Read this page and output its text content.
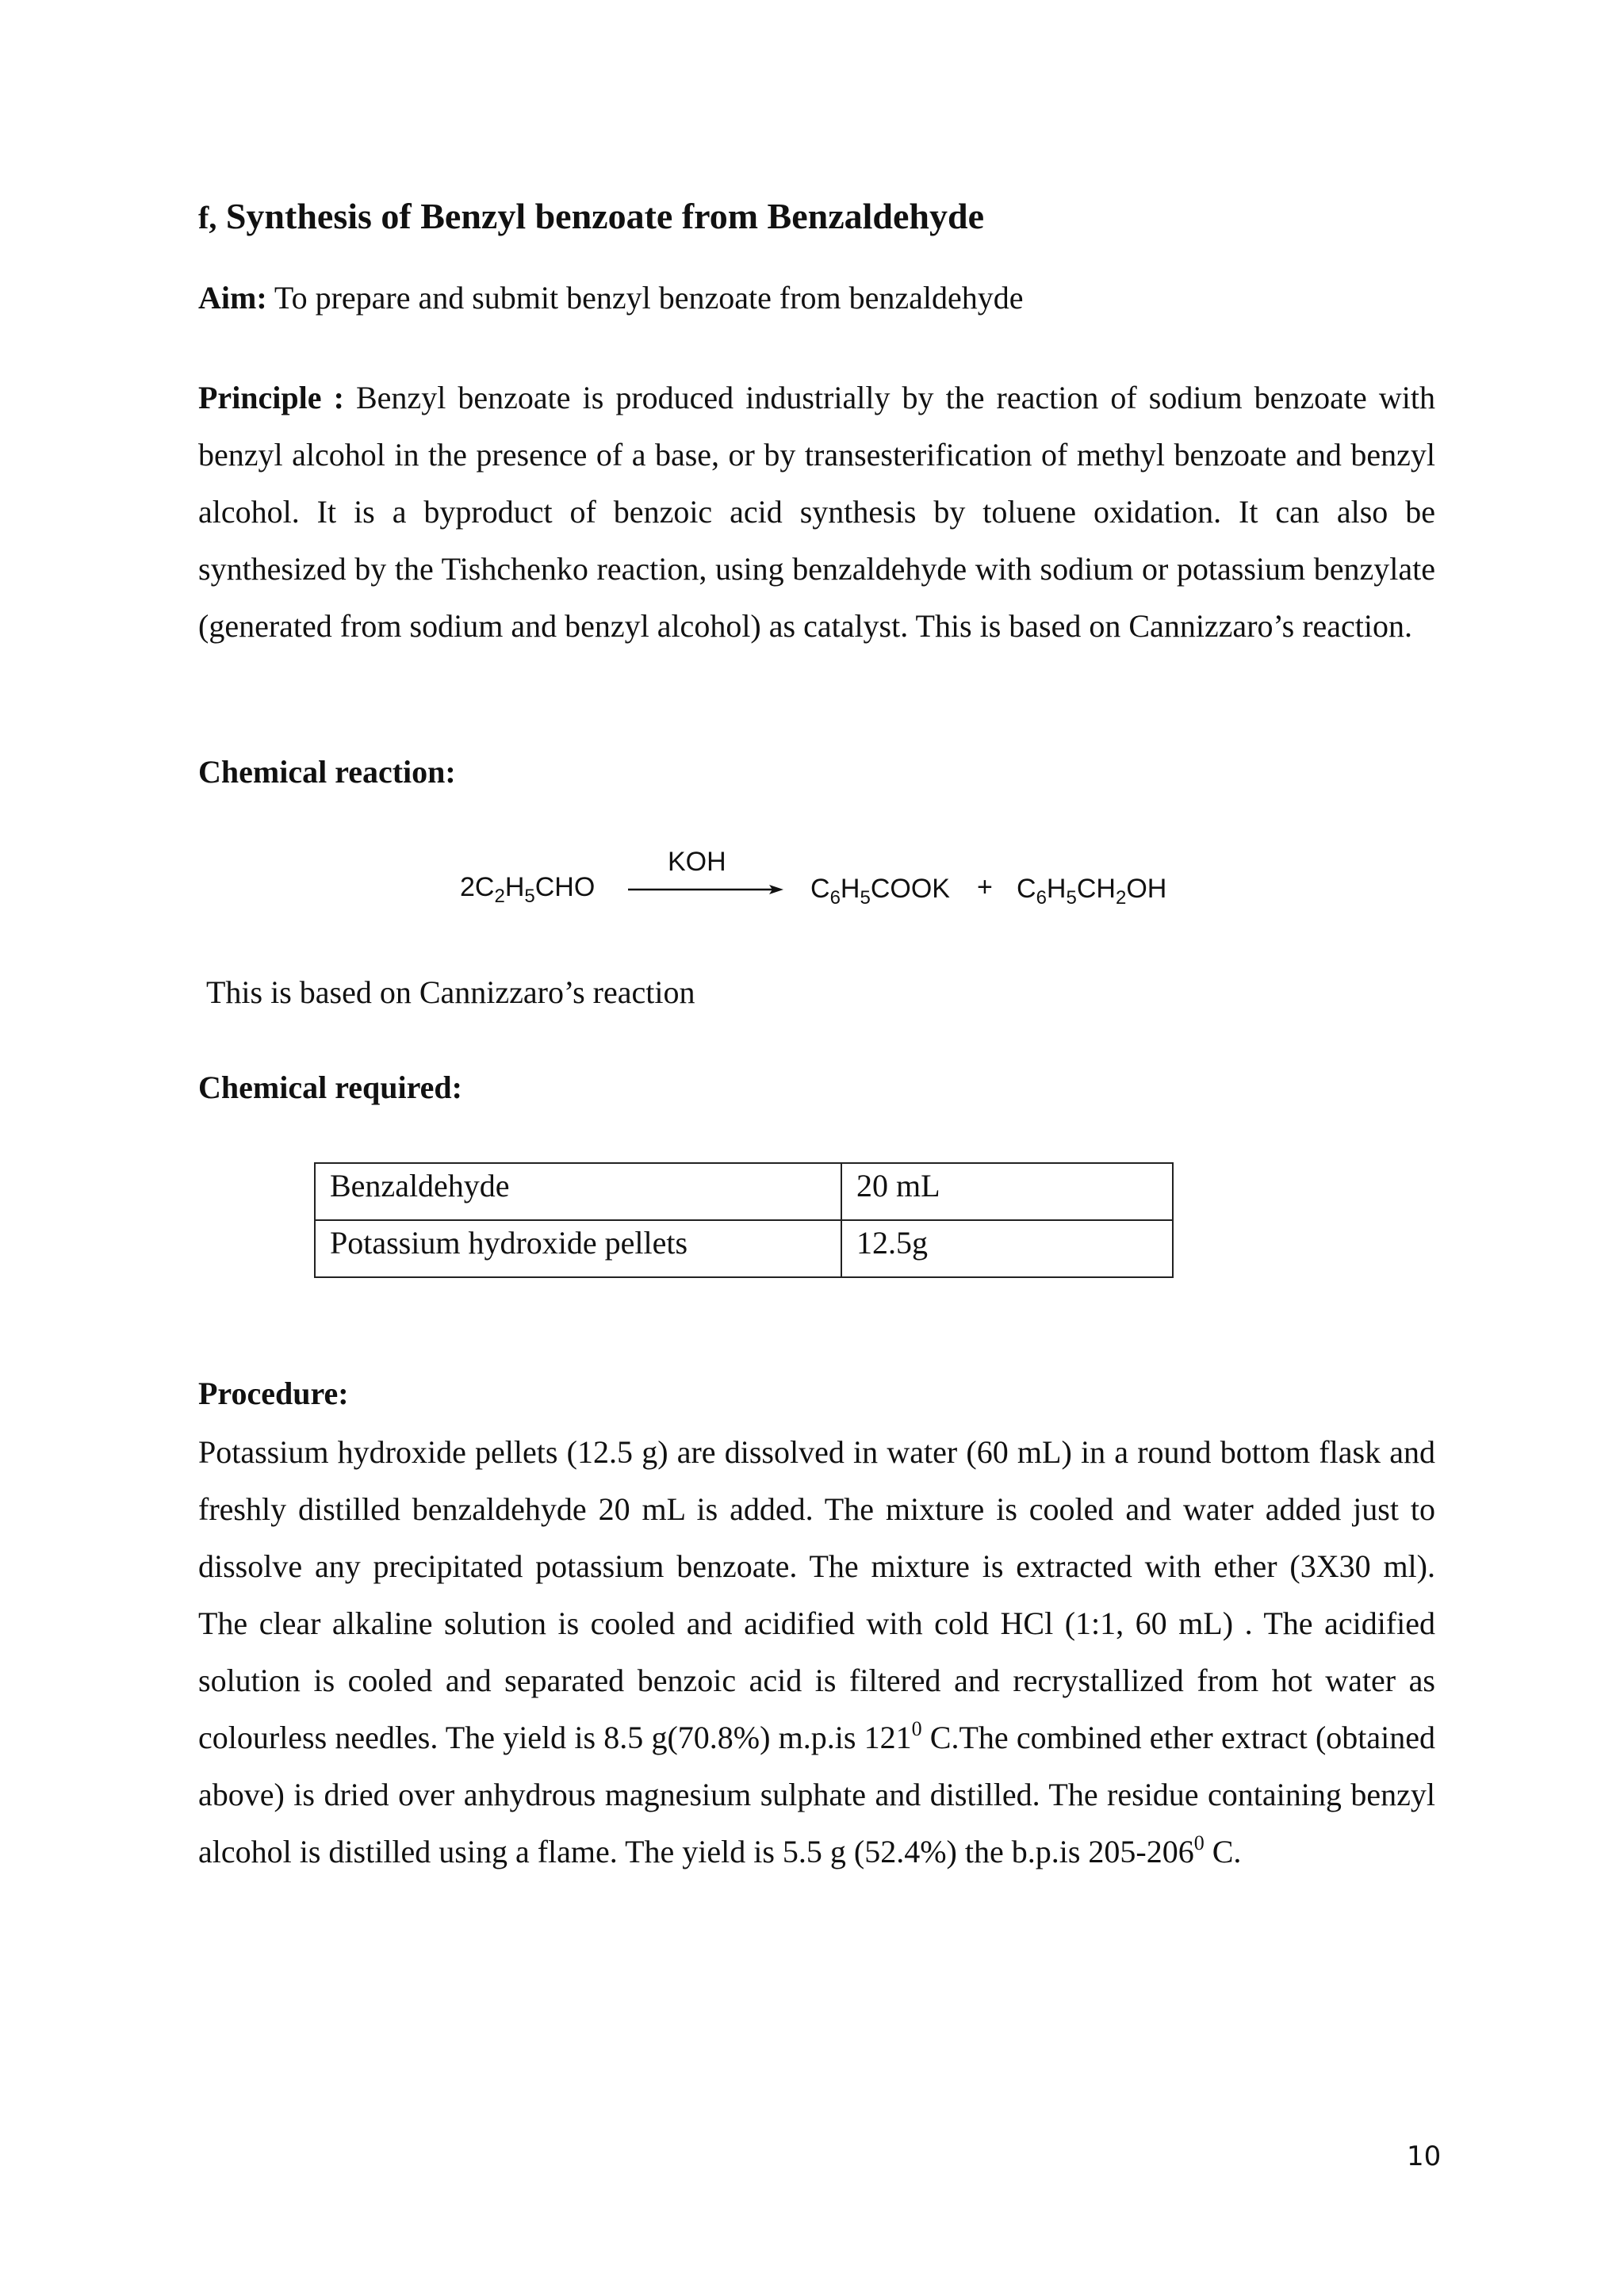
f, Synthesis of Benzyl benzoate from Benzaldehyde
Aim: To prepare and submit benzyl benzoate from benzaldehyde
Principle : Benzyl benzoate is produced industrially by the reaction of sodium benzoate with benzyl alcohol in the presence of a base, or by transesterification of methyl benzoate and benzyl alcohol. It is a byproduct of benzoic acid synthesis by toluene oxidation. It can also be synthesized by the Tishchenko reaction, using benzaldehyde with sodium or potassium benzylate (generated from sodium and benzyl alcohol) as catalyst. This is based on Cannizzaro’s reaction.
Chemical reaction:
$2C_2H_5CHO$
KOH
$C_6H_5COOK + C_6H_5CH_2OH$
This is based on Cannizzaro’s reaction
Chemical required:
Benzaldehyde	20 mL
Potassium hydroxide pellets	12.5g
Procedure:
Potassium hydroxide pellets (12.5 g) are dissolved in water (60 mL) in a round bottom flask and freshly distilled benzaldehyde 20 mL is added. The mixture is cooled and water added just to dissolve any precipitated potassium benzoate. The mixture is extracted with ether (3X30 ml). The clear alkaline solution is cooled and acidified with cold HCl (1:1, 60 mL) . The acidified solution is cooled and separated benzoic acid is filtered and recrystallized from hot water as colourless needles. The yield is 8.5 g(70.8%) m.p.is $121^0$ C.The combined ether extract (obtained above) is dried over anhydrous magnesium sulphate and distilled. The residue containing benzyl alcohol is distilled using a flame. The yield is 5.5 g (52.4%) the b.p.is $205-206^0$ C.
10
